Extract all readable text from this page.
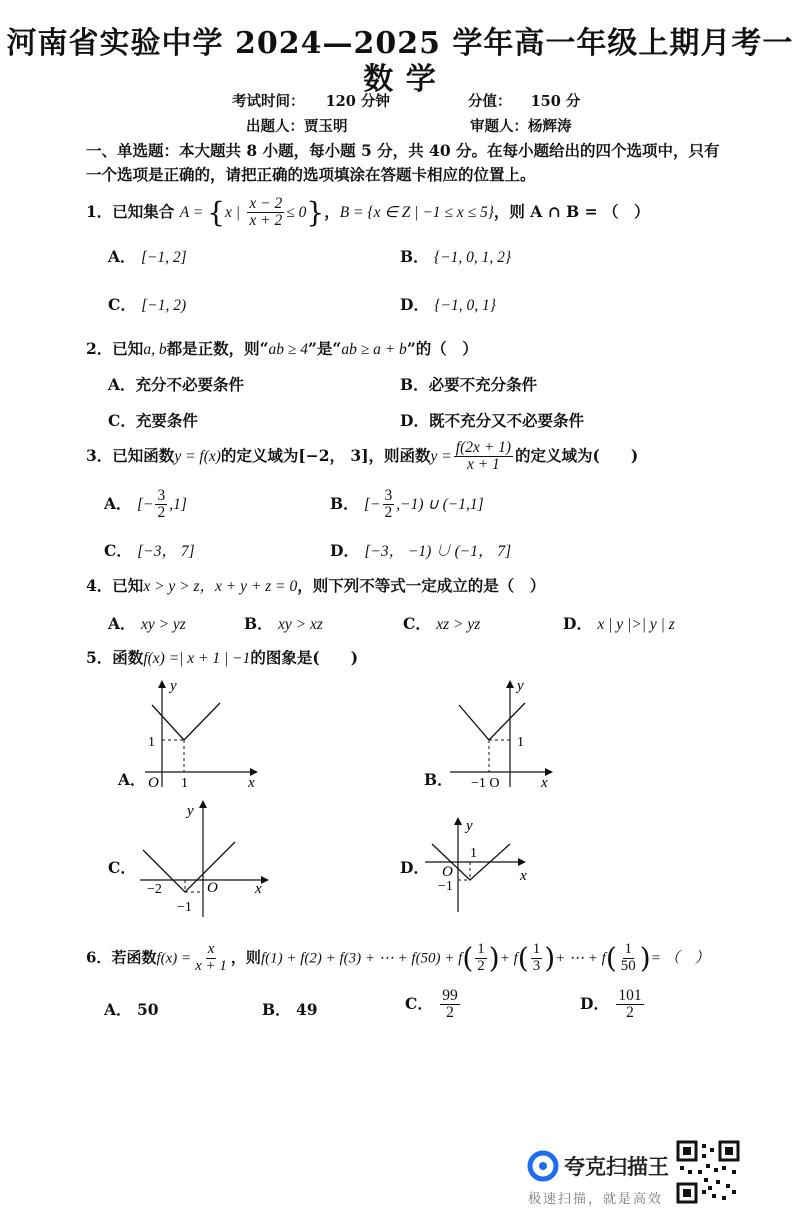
河南省实验中学 2024—2025 学年高一年级上期月考一
数 学
考试时间： 120 分钟	分值： 150 分
出题人：贾玉明	审题人：杨辉涛
一、单选题：本大题共 8 小题，每小题 5 分，共 40 分。在每小题给出的四个选项中，只有
一个选项是正确的，请把正确的选项填涂在答题卡相应的位置上。
1．已知集合 A = {x | $\frac{x - 2}{x + 2} \le 0$}，B = {x ∈ Z | −1 ≤ x ≤ 5}，则 A ∩ B = （　）
A． [−1, 2]	B． {−1, 0, 1, 2}
C． [−1, 2)	D． {−1, 0, 1}
2．已知a, b都是正数，则“ab ≥ 4”是“ab ≥ a + b”的（　）
A．充分不必要条件	B．必要不充分条件
C．充要条件	D．既不充分又不必要条件
3．已知函数y = f(x)的定义域为[−2， 3]，则函数$y = \frac{f(2x + 1)}{x + 1}$ 的定义域为(　　)
A． [− $\frac{3}{2} ,1$]	B． [− $\frac{3}{2} ,-1$) ∪ (−1,1]
C． [−3， 7]	D． [−3， −1) ∪ (−1， 7]
4．已知x > y > z，x + y + z = 0，则下列不等式一定成立的是（　）
A． xy > yz	B． xy > xz	C． xz > yz	D． x | y |>| y | z
5．函数f(x) =| x + 1 | −1的图象是(　　)
A．
y
x
O 1
1
B．
y
x
−1 O
1
C．
y
x
O
−2
−1
D．
y
x
O
1
−1
6．若函数$f(x) = \frac{x}{x + 1}$ ，则f(1) + f(2) + f(3) + ⋯ + $f(50) + f( \frac{1}{2}$ )+ $f( \frac{1}{3}$ )+ ⋯ + $f( \frac{1}{50}$ )= （　）
A． 50	B． 49	C． $\frac{99}{2}$	D． $\frac{101}{2}$
夸克扫描王
极速扫描，就是高效
